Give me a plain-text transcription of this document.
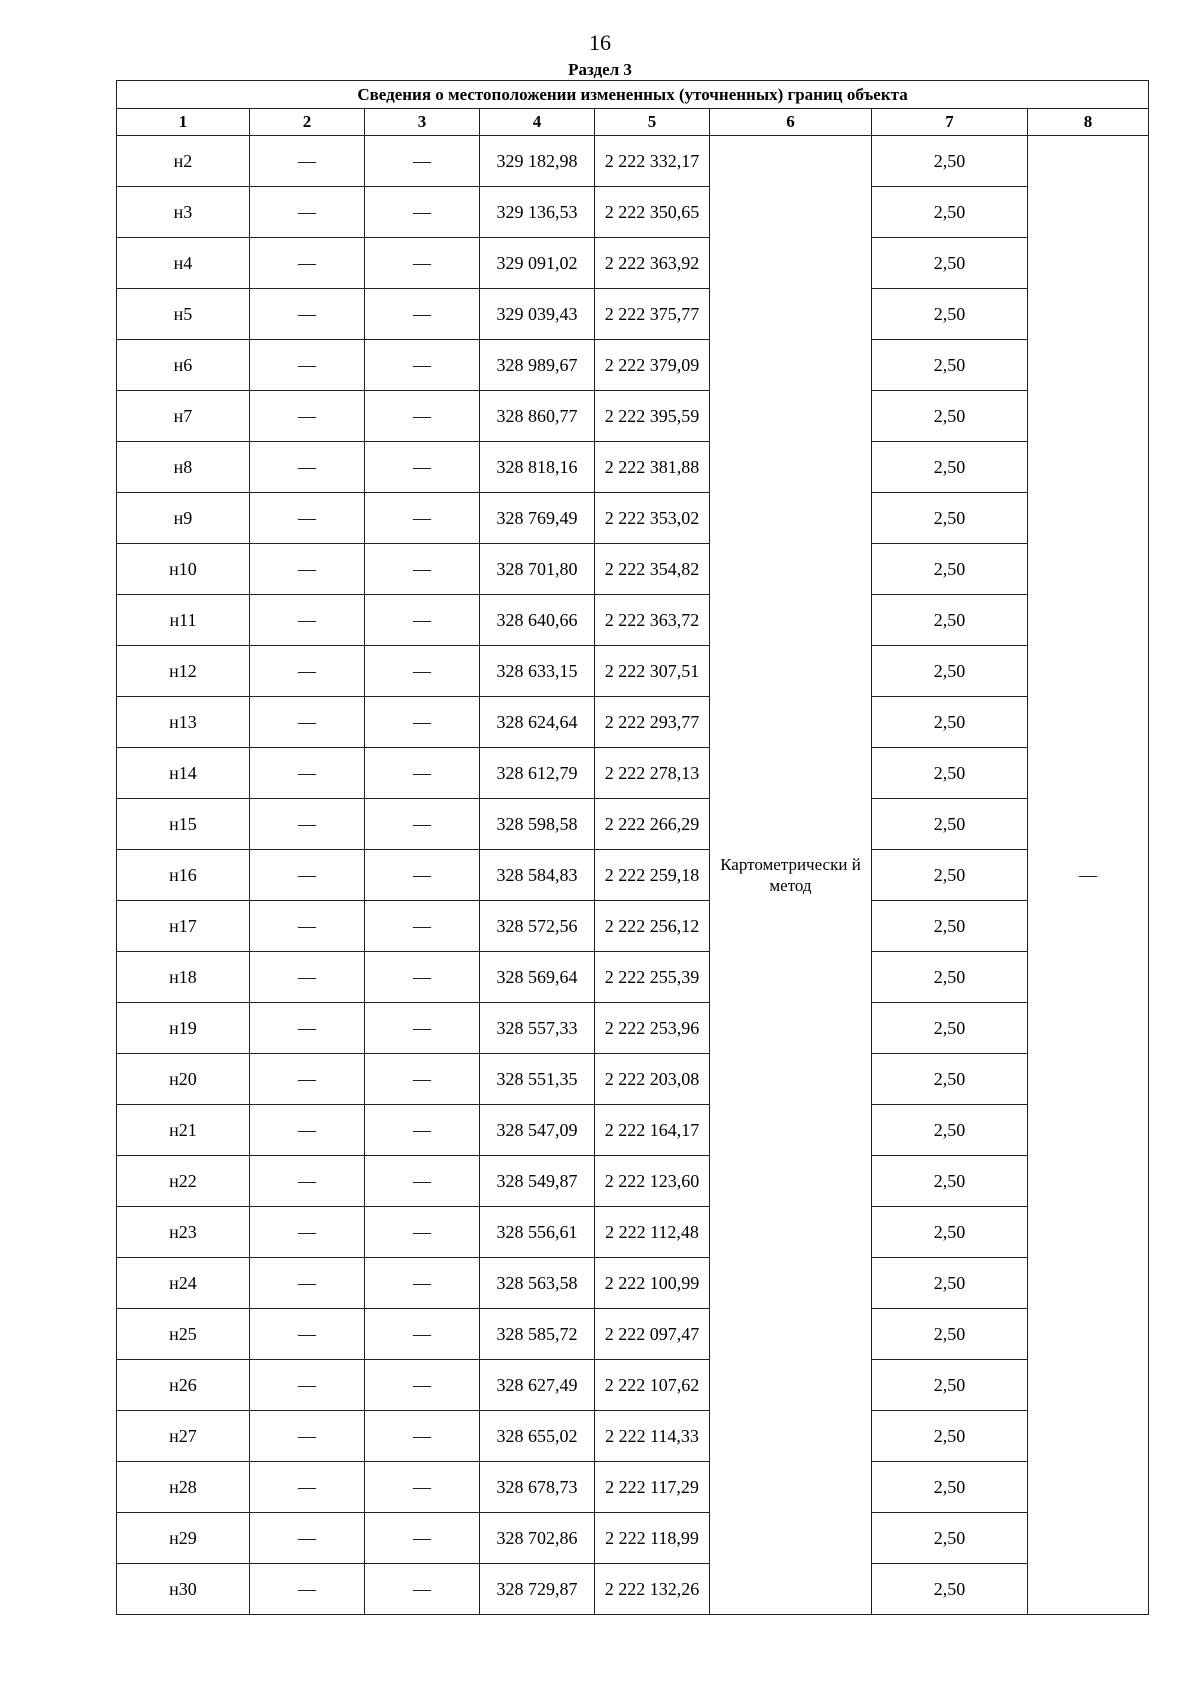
16
Раздел 3
Сведения о местоположении измененных (уточненных) границ объекта							
1	2	3	4	5	6	7	8
н2	—	—	329 182,98	2 222 332,17	Картометрически й метод	2,50	—
н3	—	—	329 136,53	2 222 350,65		2,50	
н4	—	—	329 091,02	2 222 363,92		2,50	
н5	—	—	329 039,43	2 222 375,77		2,50	
н6	—	—	328 989,67	2 222 379,09		2,50	
н7	—	—	328 860,77	2 222 395,59		2,50	
н8	—	—	328 818,16	2 222 381,88		2,50	
н9	—	—	328 769,49	2 222 353,02		2,50	
н10	—	—	328 701,80	2 222 354,82		2,50	
н11	—	—	328 640,66	2 222 363,72		2,50	
н12	—	—	328 633,15	2 222 307,51		2,50	
н13	—	—	328 624,64	2 222 293,77		2,50	
н14	—	—	328 612,79	2 222 278,13		2,50	
н15	—	—	328 598,58	2 222 266,29		2,50	
н16	—	—	328 584,83	2 222 259,18		2,50	
н17	—	—	328 572,56	2 222 256,12		2,50	
н18	—	—	328 569,64	2 222 255,39		2,50	
н19	—	—	328 557,33	2 222 253,96		2,50	
н20	—	—	328 551,35	2 222 203,08		2,50	
н21	—	—	328 547,09	2 222 164,17		2,50	
н22	—	—	328 549,87	2 222 123,60		2,50	
н23	—	—	328 556,61	2 222 112,48		2,50	
н24	—	—	328 563,58	2 222 100,99		2,50	
н25	—	—	328 585,72	2 222 097,47		2,50	
н26	—	—	328 627,49	2 222 107,62		2,50	
н27	—	—	328 655,02	2 222 114,33		2,50	
н28	—	—	328 678,73	2 222 117,29		2,50	
н29	—	—	328 702,86	2 222 118,99		2,50	
н30	—	—	328 729,87	2 222 132,26		2,50	
